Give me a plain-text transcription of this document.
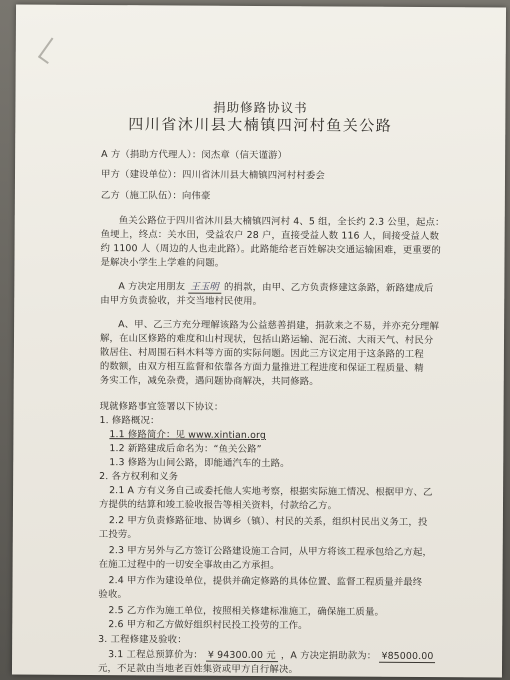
捐助修路协议书
四川省沐川县大楠镇四河村鱼关公路
A 方（捐助方代理人）：闵杰章（信天谨游）
甲方（建设单位）：四川省沐川县大楠镇四河村村委会
乙方（施工队伍）：向伟豪
鱼关公路位于四川省沐川县大楠镇四河村 4、5 组，全长约 2.3 公里，起点：
鱼埂上，终点：关水田，受益农户 28 户，直接受益人数 116 人，间接受益人数
约 1100 人（周边的人也走此路）。此路能给老百姓解决交通运输困难，更重要的
是解决小学生上学难的问题。
A 方决定用朋友 王玉明 的捐款，由甲、乙方负责修建这条路，新路建成后
由甲方负责验收，并交当地村民使用。
A、甲、乙三方充分理解该路为公益慈善捐建，捐款来之不易，并亦充分理解
解，在山区修路的难度和山村现状，包括山路运输、泥石流、大雨天气、村民分
散居住、村周围石料木料等方面的实际问题。因此三方议定用于这条路的工程
的数额，由双方相互监督和依靠各方面力量推进工程进度和保证工程质量、精
务实工作，减免杂费，遇问题协商解决，共同修路。
现就修路事宜签署以下协议：
1. 修路概况：
1.1 修路简介：见 www.xintian.org
1.2 新路建成后命名为：“鱼关公路”
1.3 修路为山间公路，即能通汽车的土路。
2. 各方权利和义务
2.1 A 方有义务自己或委托他人实地考察，根据实际施工情况、根据甲方、乙
方提供的结算和竣工验收报告等相关资料，付款给乙方。
2.2 甲方负责修路征地、协调乡（镇）、村民的关系，组织村民出义务工，投
工投劳。
2.3 甲方另外与乙方签订公路建设施工合同，从甲方将该工程承包给乙方起，
在施工过程中的一切安全事故由乙方承担。
2.4 甲方作为建设单位，提供并确定修路的具体位置、监督工程质量并最终
验收。
2.5 乙方作为施工单位，按照相关修建标准施工，确保施工质量。
2.6 甲方和乙方做好组织村民投工投劳的工作。
3. 工程修建及验收：
3.1 工程总预算价为： ¥ 94300.00 元 ，A 方决定捐助款为： ¥85000.00
元，不足款由当地老百姓集资或甲方自行解决。
